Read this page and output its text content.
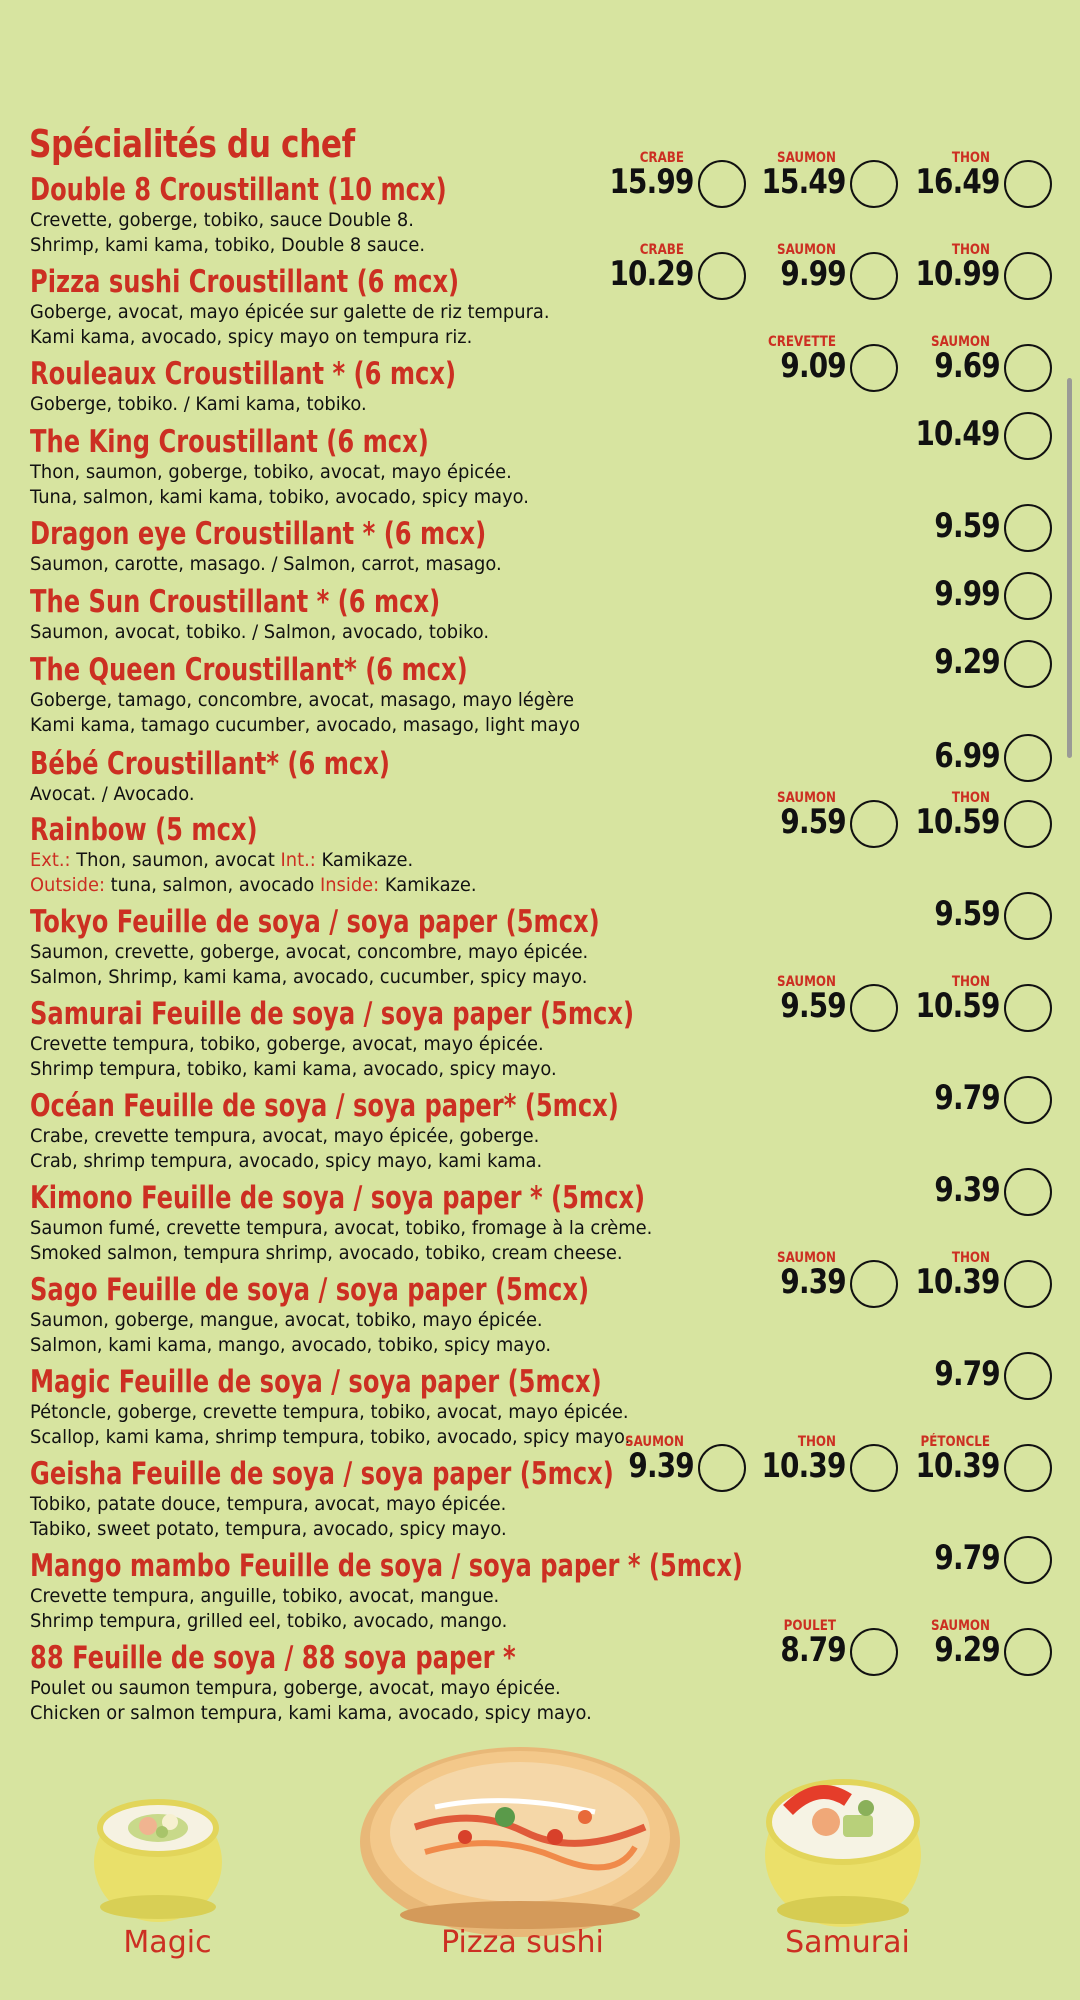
Spécialités du chef
Double 8 Croustillant (10 mcx)
Crevette, goberge, tobiko, sauce Double 8.
Shrimp, kami kama, tobiko, Double 8 sauce.
Pizza sushi Croustillant (6 mcx)
Goberge, avocat, mayo épicée sur galette de riz tempura.
Kami kama, avocado, spicy mayo on tempura riz.
Rouleaux Croustillant * (6 mcx)
Goberge, tobiko. / Kami kama, tobiko.
The King Croustillant (6 mcx)
Thon, saumon, goberge, tobiko, avocat, mayo épicée.
Tuna, salmon, kami kama, tobiko, avocado, spicy mayo.
Dragon eye Croustillant * (6 mcx)
Saumon, carotte, masago. / Salmon, carrot, masago.
The Sun Croustillant * (6 mcx)
Saumon, avocat, tobiko. / Salmon, avocado, tobiko.
The Queen Croustillant* (6 mcx)
Goberge, tamago, concombre, avocat, masago, mayo légère
Kami kama, tamago cucumber, avocado, masago, light mayo
Bébé Croustillant* (6 mcx)
Avocat. / Avocado.
Rainbow (5 mcx)
Ext.: Thon, saumon, avocat Int.: Kamikaze.
Outside: tuna, salmon, avocado Inside: Kamikaze.
Tokyo Feuille de soya / soya paper (5mcx)
Saumon, crevette, goberge, avocat, concombre, mayo épicée.
Salmon, Shrimp, kami kama, avocado, cucumber, spicy mayo.
Samurai Feuille de soya / soya paper (5mcx)
Crevette tempura, tobiko, goberge, avocat, mayo épicée.
Shrimp tempura, tobiko, kami kama, avocado, spicy mayo.
Océan Feuille de soya / soya paper* (5mcx)
Crabe, crevette tempura, avocat, mayo épicée, goberge.
Crab, shrimp tempura, avocado, spicy mayo, kami kama.
Kimono Feuille de soya / soya paper * (5mcx)
Saumon fumé, crevette tempura, avocat, tobiko, fromage à la crème.
Smoked salmon, tempura shrimp, avocado, tobiko, cream cheese.
Sago Feuille de soya / soya paper (5mcx)
Saumon, goberge, mangue, avocat, tobiko, mayo épicée.
Salmon, kami kama, mango, avocado, tobiko, spicy mayo.
Magic Feuille de soya / soya paper (5mcx)
Pétoncle, goberge, crevette tempura, tobiko, avocat, mayo épicée.
Scallop, kami kama, shrimp tempura, tobiko, avocado, spicy mayo.
Geisha Feuille de soya / soya paper (5mcx)
Tobiko, patate douce, tempura, avocat, mayo épicée.
Tabiko, sweet potato, tempura, avocado, spicy mayo.
Mango mambo Feuille de soya / soya paper * (5mcx)
Crevette tempura, anguille, tobiko, avocat, mangue.
Shrimp tempura, grilled eel, tobiko, avocado, mango.
88 Feuille de soya / 88 soya paper *
Poulet ou saumon tempura, goberge, avocat, mayo épicée.
Chicken or salmon tempura, kami kama, avocado, spicy mayo.
Magic	Pizza sushi	Samurai
CRABE
15.99
SAUMON
15.49
THON
16.49
CRABE
10.29
SAUMON
9.99
THON
10.99
CREVETTE
9.09
SAUMON
9.69
10.49
9.59
9.99
9.29
6.99
SAUMON
9.59
THON
10.59
9.59
SAUMON
9.59
THON
10.59
9.79
9.39
SAUMON
9.39
THON
10.39
9.79
SAUMON
9.39
THON
10.39
PÉTONCLE
10.39
9.79
POULET
8.79
SAUMON
9.29
